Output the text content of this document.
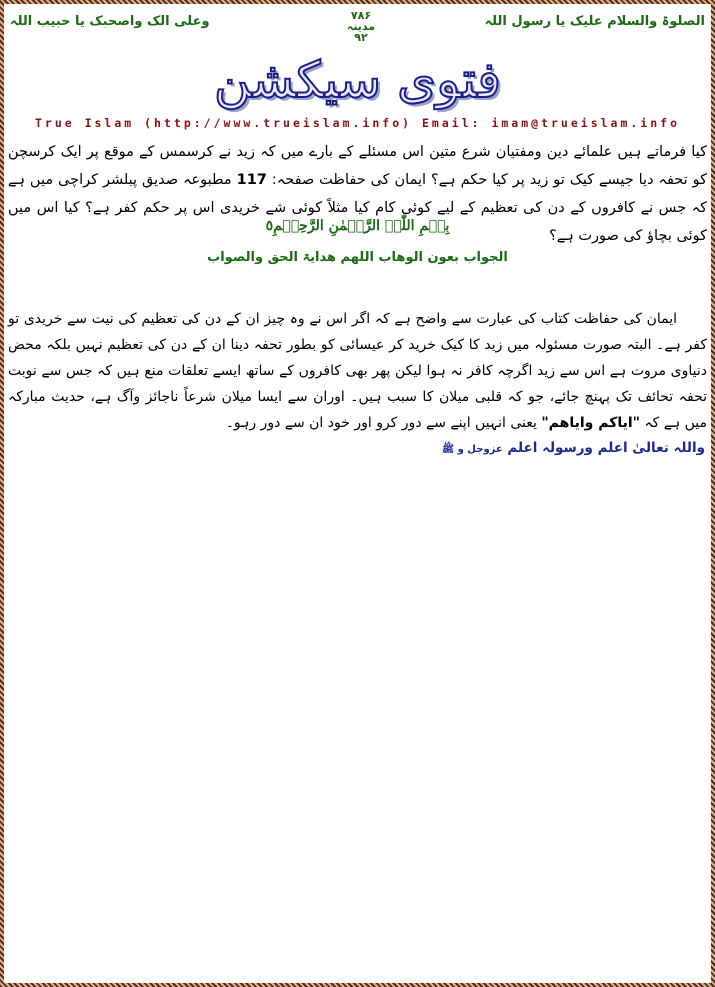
الصلوۃ والسلام علیک یا رسول اللہ
۷۸۶
مدینہ
۹۲
وعلی الک واصحبک یا حبیب اللہ
فتوی سیکشن
True Islam (http://www.trueislam.info) Email: imam@trueislam.info
کیا فرماتے ہیں علمائے دین ومفتیان شرع متین اس مسئلے کے بارے میں کہ زید نے کرسمس کے موقع پر ایک کرسچن کو تحفہ دیا جیسے کیک تو زید پر کیا حکم ہے؟ ایمان کی حفاظت صفحہ: 117 مطبوعہ صدیق پبلشر کراچی میں ہے کہ جس نے کافروں کے دن کی تعظیم کے لیے کوئی کام کیا مثلاً کوئی شے خریدی اس پر حکم کفر ہے؟ کیا اس میں کوئی بچاؤ کی صورت ہے؟
بِسۡمِ اللّٰہِ الرَّحۡمٰنِ الرَّحِیۡمِ٥
الجواب بعون الوھاب اللھم ھدایۃ الحق والصواب
ایمان کی حفاظت کتاب کی عبارت سے واضح ہے کہ اگر اس نے وہ چیز ان کے دن کی تعظیم کی نیت سے خریدی تو کفر ہے۔ البتہ صورت مسئولہ میں زید کا کیک خرید کر عیسائی کو بطور تحفہ دینا ان کے دن کی تعظیم نہیں بلکہ محض دنیاوی مروت ہے اس سے زید اگرچہ کافر نہ ہوا لیکن پھر بھی کافروں کے ساتھ ایسے تعلقات منع ہیں کہ جس سے نوبت تحفہ تحائف تک پہنچ جائے، جو کہ قلبی میلان کا سبب ہیں۔ اوران سے ایسا میلان شرعاً ناجائز وآگ ہے، حدیث مبارکہ میں ہے کہ "ایاکم وایاھم" یعنی انہیں اپنے سے دور کرو اور خود ان سے دور رہو۔
واللہ تعالیٰ اعلم ورسولہ اعلم عزوجل و ﷺ
